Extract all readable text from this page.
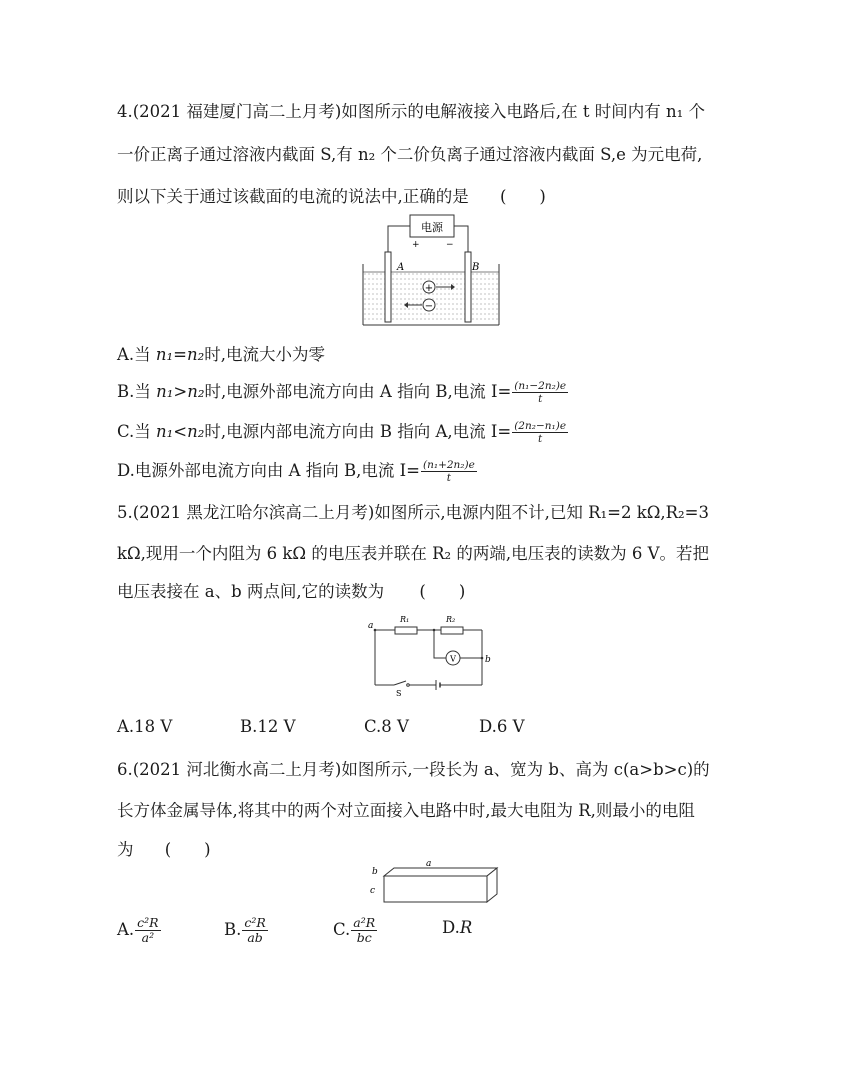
4.(2021 福建厦门高二上月考)如图所示的电解液接入电路后,在 t 时间内有 n₁ 个
一价正离子通过溶液内截面 S,有 n₂ 个二价负离子通过溶液内截面 S,e 为元电荷,
则以下关于通过该截面的电流的说法中,正确的是 (　　)
电源
+	−
A	B
+
−
A.当 n₁=n₂时,电流大小为零
B.当 n₁>n₂时,电源外部电流方向由 A 指向 B,电流 $I= \frac{\text{(n₁−2n₂)e}}{t}$
C.当 n₁<n₂时,电源内部电流方向由 B 指向 A,电流 $I= \frac{\text{(2n₂−n₁)e}}{t}$
D.电源外部电流方向由 A 指向 B,电流 $I= \frac{\text{(n₁+2n₂)e}}{t}$
5.(2021 黑龙江哈尔滨高二上月考)如图所示,电源内阻不计,已知 R₁=2 kΩ,R₂=3
kΩ,现用一个内阻为 6 kΩ 的电压表并联在 R₂ 的两端,电压表的读数为 6 V。若把
电压表接在 a、b 两点间,它的读数为 (　　)
a
R₁	R₂
V	b
S
A.18 V	B.12 V	C.8 V	D.6 V
6.(2021 河北衡水高二上月考)如图所示,一段长为 a、宽为 b、高为 c(a>b>c)的
长方体金属导体,将其中的两个对立面接入电路中时,最大电阻为 R,则最小的电阻
为 (　　)
a
b
c
A. $\frac{\text{c²R}}{\text{a²}}$	B. $\frac{\text{c²R}}{ab}$	C. $\frac{\text{a²R}}{bc}$	D.R
